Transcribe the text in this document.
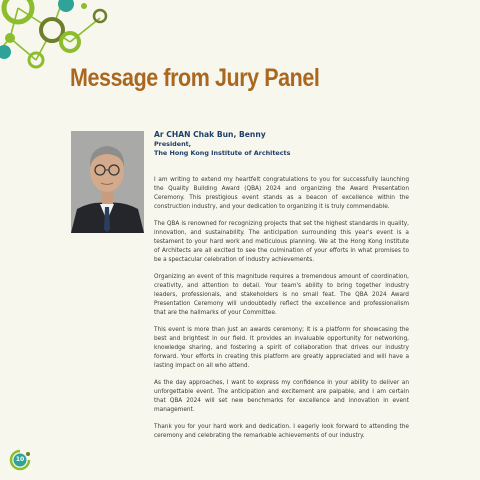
Message from Jury Panel
Ar CHAN Chak Bun, Benny
President,
The Hong Kong Institute of Architects

I am writing to extend my heartfelt congratulations to you for successfully launching the Quality Building Award (QBA) 2024 and organizing the Award Presentation Ceremony. This prestigious event stands as a beacon of excellence within the construction industry, and your dedication to organizing it is truly commendable.

The QBA is renowned for recognizing projects that set the highest standards in quality, innovation, and sustainability. The anticipation surrounding this year's event is a testament to your hard work and meticulous planning. We at the Hong Kong Institute of Architects are all excited to see the culmination of your efforts in what promises to be a spectacular celebration of industry achievements.

Organizing an event of this magnitude requires a tremendous amount of coordination, creativity, and attention to detail. Your team's ability to bring together industry leaders, professionals, and stakeholders is no small feat. The QBA 2024 Award Presentation Ceremony will undoubtedly reflect the excellence and professionalism that are the hallmarks of your Committee.

This event is more than just an awards ceremony; it is a platform for showcasing the best and brightest in our field. It provides an invaluable opportunity for networking, knowledge sharing, and fostering a spirit of collaboration that drives our industry forward. Your efforts in creating this platform are greatly appreciated and will have a lasting impact on all who attend.

As the day approaches, I want to express my confidence in your ability to deliver an unforgettable event. The anticipation and excitement are palpable, and I am certain that QBA 2024 will set new benchmarks for excellence and innovation in event management.

Thank you for your hard work and dedication. I eagerly look forward to attending the ceremony and celebrating the remarkable achievements of our industry.

10
